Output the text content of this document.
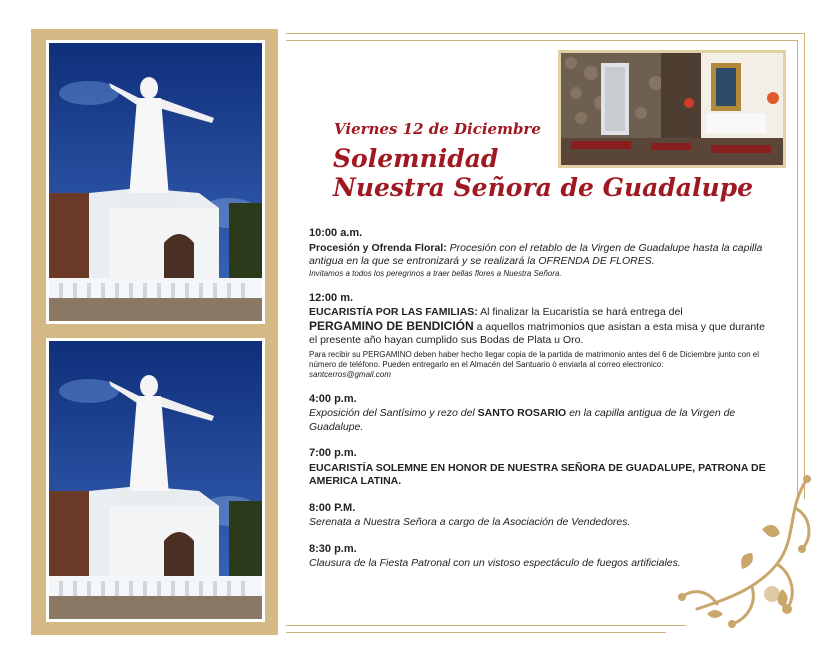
Viernes 12 de Diciembre
Solemnidad
Nuestra Señora de Guadalupe
10:00 a.m.
Procesión y Ofrenda Floral: Procesión con el retablo de la Virgen de Guadalupe hasta la capilla antigua en la que se entronizará y se realizará la OFRENDA DE FLORES.
Invitamos a todos los peregrinos a traer bellas flores a Nuestra Señora.
12:00 m.
EUCARISTÍA POR LAS FAMILIAS: Al finalizar la Eucaristía se hará entrega del
PERGAMINO DE BENDICIÓN a aquellos matrimonios que asistan a esta misa y que durante el presente año hayan cumplido sus Bodas de Plata u Oro.
Para recibir su PERGAMINO deben haber hecho llegar copia de la partida de matrimonio antes del 6 de Diciembre junto con el número de teléfono. Pueden entregarlo en el Almacén del Santuario ó enviarla al correo electronico:
santcerros@gmail.com
4:00 p.m.
Exposición del Santísimo y rezo del SANTO ROSARIO en la capilla antigua de la Virgen de Guadalupe.
7:00 p.m.
EUCARISTÍA SOLEMNE EN HONOR DE NUESTRA SEÑORA DE GUADALUPE, PATRONA DE AMERICA LATINA.
8:00 P.M.
Serenata a Nuestra Señora a cargo de la Asociación de Vendedores.
8:30 p.m.
Clausura de la Fiesta Patronal con un vistoso espectáculo de fuegos artificiales.
